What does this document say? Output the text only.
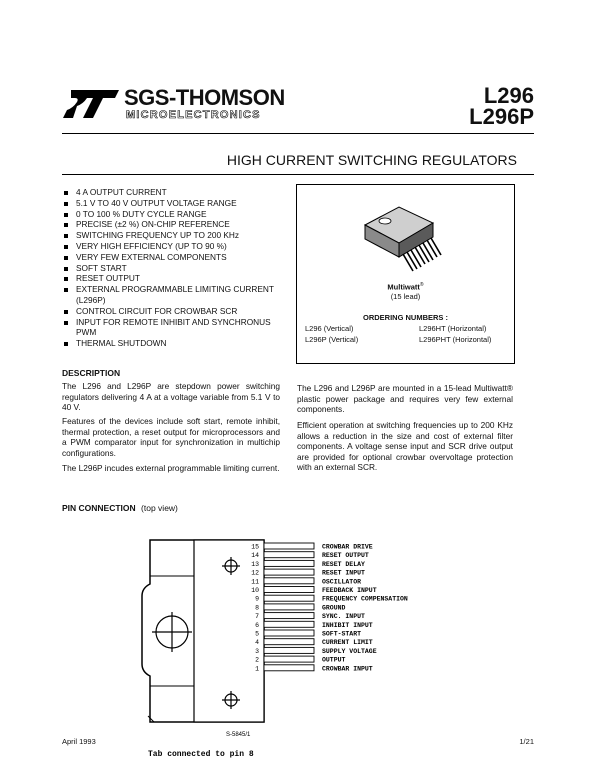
SGS-THOMSON
MICROELECTRONICS
L296
L296P
HIGH CURRENT SWITCHING REGULATORS
4 A OUTPUT CURRENT
5.1 V TO 40 V OUTPUT VOLTAGE RANGE
0 TO 100 % DUTY CYCLE RANGE
PRECISE (±2 %) ON-CHIP REFERENCE
SWITCHING FREQUENCY UP TO 200 KHz
VERY HIGH EFFICIENCY (UP TO 90 %)
VERY FEW EXTERNAL COMPONENTS
SOFT START
RESET OUTPUT
EXTERNAL PROGRAMMABLE LIMITING CURRENT (L296P)
CONTROL CIRCUIT FOR CROWBAR SCR
INPUT FOR REMOTE INHIBIT AND SYNCHRONUS PWM
THERMAL SHUTDOWN
Multiwatt®
(15 lead)
ORDERING NUMBERS :
L296 (Vertical)	L296HT (Horizontal)
L296P (Vertical)	L296PHT (Horizontal)
DESCRIPTION
The L296 and L296P are stepdown power switching regulators delivering 4 A at a voltage variable from 5.1 V to 40 V.
Features of the devices include soft start, remote inhibit, thermal protection, a reset output for microprocessors and a PWM comparator input for synchronization in multichip configurations.
The L296P incudes external programmable limiting current.
The L296 and L296P are mounted in a 15-lead Multiwatt® plastic power package and requires very few external components.
Efficient operation at switching frequencies up to 200 KHz allows a reduction in the size and cost of external filter components. A voltage sense input and SCR drive output are provided for optional crowbar overvoltage protection with an external SCR.
PIN CONNECTION (top view)
15	CROWBAR DRIVE
14	RESET OUTPUT
13	RESET DELAY
12	RESET INPUT
11	OSCILLATOR
10	FEEDBACK INPUT
9	FREQUENCY COMPENSATION
8	GROUND
7	SYNC. INPUT
6	INHIBIT INPUT
5	SOFT-START
4	CURRENT LIMIT
3	SUPPLY VOLTAGE
2	OUTPUT
1	CROWBAR INPUT
S-5845/1
Tab connected to pin 8
April 1993	1/21
